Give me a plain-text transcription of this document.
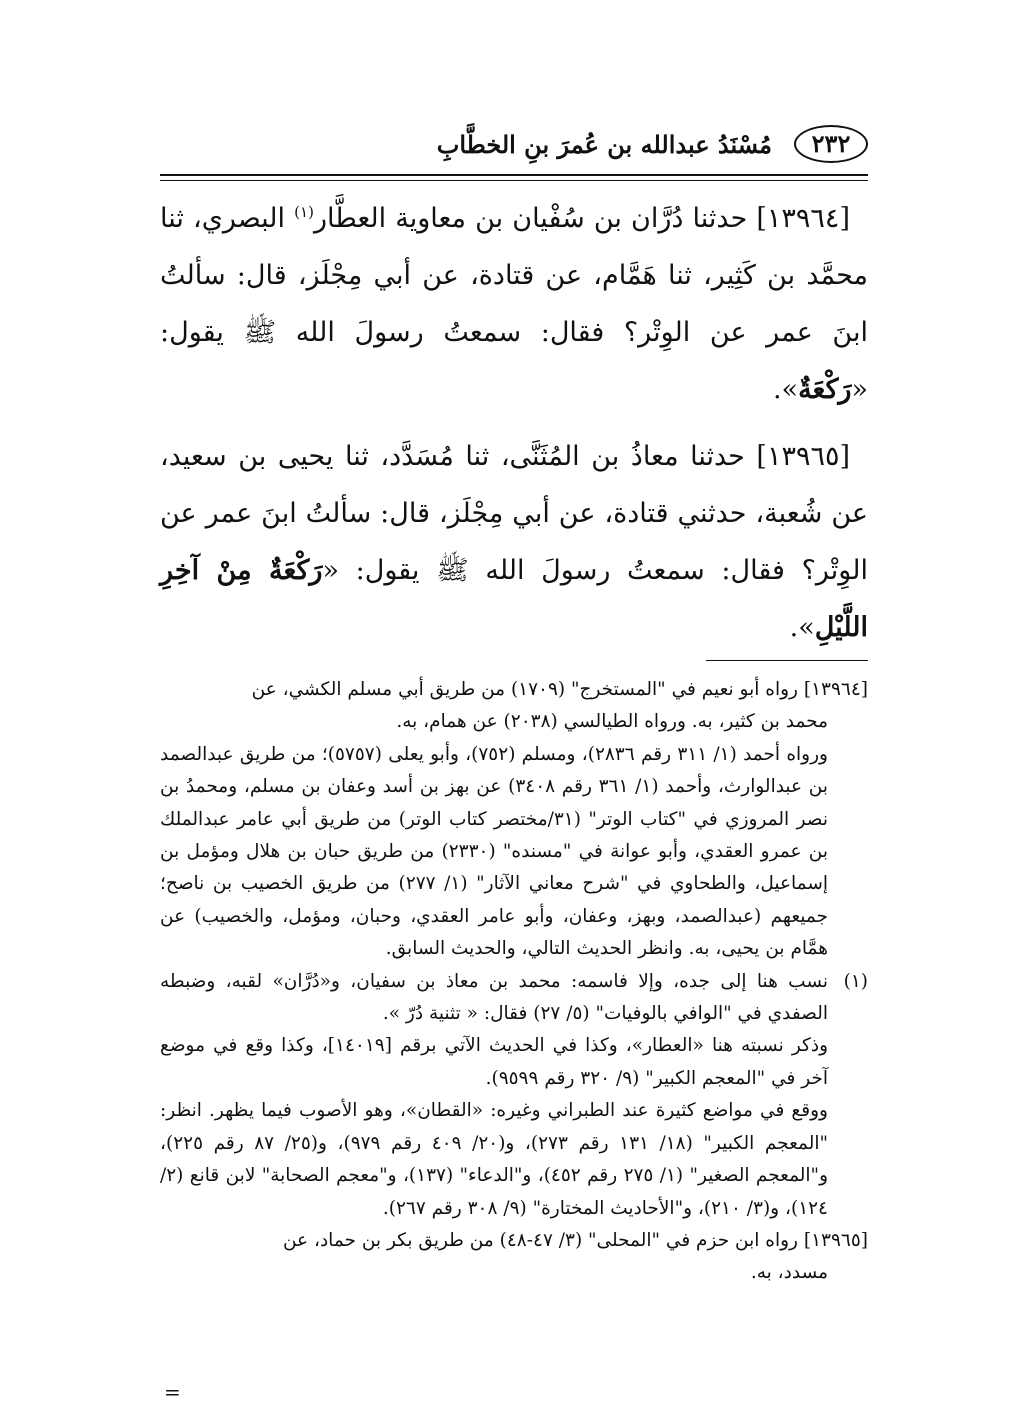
٢٣٢
مُسْنَدُ عبدالله بن عُمرَ بنِ الخطَّابِ

[١٣٩٦٤] حدثنا دُرَّان بن سُفْيان بن معاوية العطَّار$^{(١)}$ البصري، ثنا محمَّد بن كَثِير، ثنا هَمَّام، عن قتادة، عن أبي مِجْلَز، قال: سألتُ ابنَ عمر عن الوِتْر؟ فقال: سمعتُ رسولَ الله ﷺ يقول: «رَكْعَةٌ».

[١٣٩٦٥] حدثنا معاذُ بن المُثَنَّى، ثنا مُسَدَّد، ثنا يحيى بن سعيد، عن شُعبة، حدثني قتادة، عن أبي مِجْلَز، قال: سألتُ ابنَ عمر عن الوِتْر؟ فقال: سمعتُ رسولَ الله ﷺ يقول: «رَكْعَةٌ مِنْ آخِرِ اللَّيْلِ».

[١٣٩٦٤] رواه أبو نعيم في "المستخرج" (١٧٠٩) من طريق أبي مسلم الكشي، عن

محمد بن كثير، به. ورواه الطيالسي (٢٠٣٨) عن همام، به.

ورواه أحمد (١/ ٣١١ رقم ٢٨٣٦)، ومسلم (٧٥٢)، وأبو يعلى (٥٧٥٧)؛ من طريق عبدالصمد بن عبدالوارث، وأحمد (١/ ٣٦١ رقم ٣٤٠٨) عن بهز بن أسد وعفان بن مسلم، ومحمدُ بن نصر المروزي في "كتاب الوتر" (٣١/مختصر كتاب الوتر) من طريق أبي عامر عبدالملك بن عمرو العقدي، وأبو عوانة في "مسنده" (٢٣٣٠) من طريق حبان بن هلال ومؤمل بن إسماعيل، والطحاوي في "شرح معاني الآثار" (١/ ٢٧٧) من طريق الخصيب بن ناصح؛ جميعهم (عبدالصمد، وبهز، وعفان، وأبو عامر العقدي، وحبان، ومؤمل، والخصيب) عن همَّام بن يحيى، به. وانظر الحديث التالي، والحديث السابق.

(١)

نسب هنا إلى جده، وإلا فاسمه: محمد بن معاذ بن سفيان، و«دُرَّان» لقبه، وضبطه الصفدي في "الوافي بالوفيات" (٥/ ٢٧) فقال: « تثنية دُرّ ».

وذكر نسبته هنا «العطار»، وكذا في الحديث الآتي برقم [١٤٠١٩]، وكذا وقع في موضع آخر في "المعجم الكبير" (٩/ ٣٢٠ رقم ٩٥٩٩).

ووقع في مواضع كثيرة عند الطبراني وغيره: «القطان»، وهو الأصوب فيما يظهر. انظر: "المعجم الكبير" (١٨/ ١٣١ رقم ٢٧٣)، و(٢٠/ ٤٠٩ رقم ٩٧٩)، و(٢٥/ ٨٧ رقم ٢٢٥)، و"المعجم الصغير" (١/ ٢٧٥ رقم ٤٥٢)، و"الدعاء" (١٣٧)، و"معجم الصحابة" لابن قانع (٢/ ١٢٤)، و(٣/ ٢١٠)، و"الأحاديث المختارة" (٩/ ٣٠٨ رقم ٢٦٧).

[١٣٩٦٥] رواه ابن حزم في "المحلى" (٣/ ٤٧-٤٨) من طريق بكر بن حماد، عن

مسدد، به.

=
